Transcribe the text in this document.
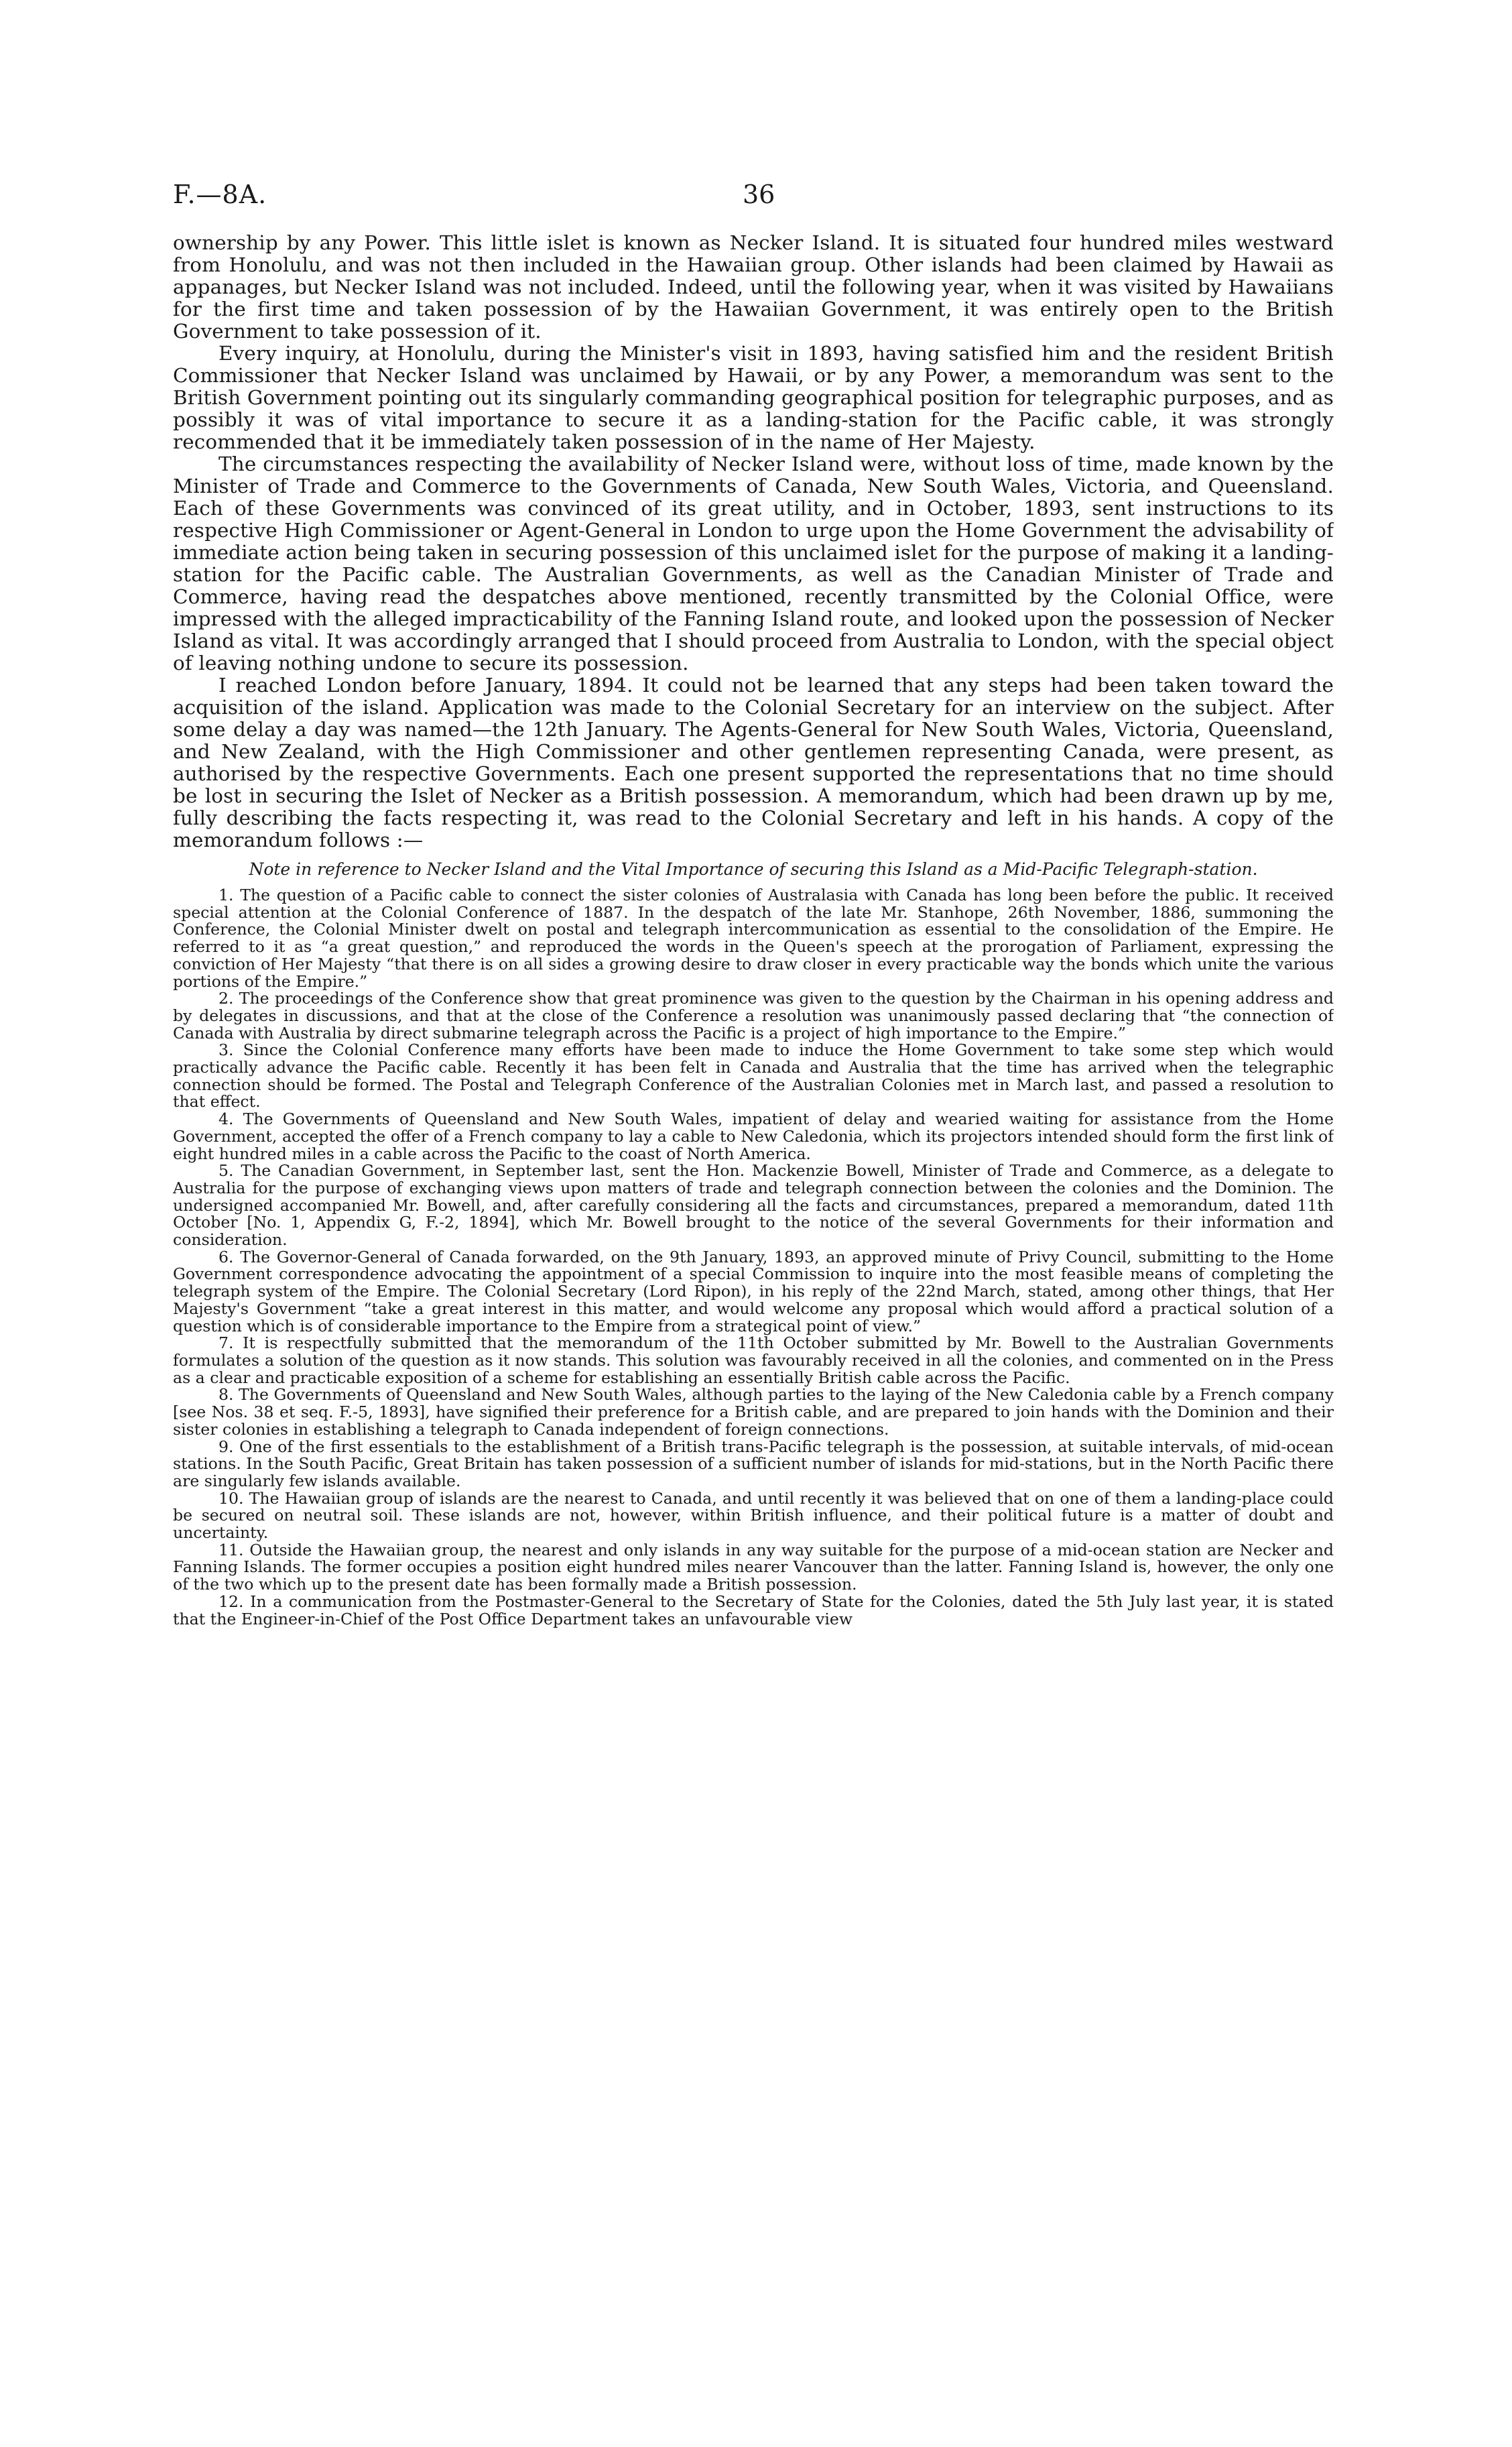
F.—8A.	36

ownership by any Power. This little islet is known as Necker Island. It is situated four hundred miles westward from Honolulu, and was not then included in the Hawaiian group. Other islands had been claimed by Hawaii as appanages, but Necker Island was not included. Indeed, until the following year, when it was visited by Hawaiians for the first time and taken possession of by the Hawaiian Government, it was entirely open to the British Government to take possession of it.

Every inquiry, at Honolulu, during the Minister's visit in 1893, having satisfied him and the resident British Commissioner that Necker Island was unclaimed by Hawaii, or by any Power, a memorandum was sent to the British Government pointing out its singularly commanding geographical position for telegraphic purposes, and as possibly it was of vital importance to secure it as a landing-station for the Pacific cable, it was strongly recommended that it be immediately taken possession of in the name of Her Majesty.

The circumstances respecting the availability of Necker Island were, without loss of time, made known by the Minister of Trade and Commerce to the Governments of Canada, New South Wales, Victoria, and Queensland. Each of these Governments was convinced of its great utility, and in October, 1893, sent instructions to its respective High Commissioner or Agent-General in London to urge upon the Home Government the advisability of immediate action being taken in securing possession of this unclaimed islet for the purpose of making it a landing-station for the Pacific cable. The Australian Governments, as well as the Canadian Minister of Trade and Commerce, having read the despatches above mentioned, recently transmitted by the Colonial Office, were impressed with the alleged impracticability of the Fanning Island route, and looked upon the possession of Necker Island as vital. It was accordingly arranged that I should proceed from Australia to London, with the special object of leaving nothing undone to secure its possession.

I reached London before January, 1894. It could not be learned that any steps had been taken toward the acquisition of the island. Application was made to the Colonial Secretary for an interview on the subject. After some delay a day was named—the 12th January. The Agents-General for New South Wales, Victoria, Queensland, and New Zealand, with the High Commissioner and other gentlemen representing Canada, were present, as authorised by the respective Governments. Each one present supported the representations that no time should be lost in securing the Islet of Necker as a British possession. A memorandum, which had been drawn up by me, fully describing the facts respecting it, was read to the Colonial Secretary and left in his hands. A copy of the memorandum follows :—

Note in reference to Necker Island and the Vital Importance of securing this Island as a Mid-Pacific Telegraph-station.

1. The question of a Pacific cable to connect the sister colonies of Australasia with Canada has long been before the public. It received special attention at the Colonial Conference of 1887. In the despatch of the late Mr. Stanhope, 26th November, 1886, summoning the Conference, the Colonial Minister dwelt on postal and telegraph intercommunication as essential to the consolidation of the Empire. He referred to it as “a great question,” and reproduced the words in the Queen's speech at the prorogation of Parliament, expressing the conviction of Her Majesty “that there is on all sides a growing desire to draw closer in every practicable way the bonds which unite the various portions of the Empire.”

2. The proceedings of the Conference show that great prominence was given to the question by the Chairman in his opening address and by delegates in discussions, and that at the close of the Conference a resolution was unanimously passed declaring that “the connection of Canada with Australia by direct submarine telegraph across the Pacific is a project of high importance to the Empire.”

3. Since the Colonial Conference many efforts have been made to induce the Home Government to take some step which would practically advance the Pacific cable. Recently it has been felt in Canada and Australia that the time has arrived when the telegraphic connection should be formed. The Postal and Telegraph Conference of the Australian Colonies met in March last, and passed a resolution to that effect.

4. The Governments of Queensland and New South Wales, impatient of delay and wearied waiting for assistance from the Home Government, accepted the offer of a French company to lay a cable to New Caledonia, which its projectors intended should form the first link of eight hundred miles in a cable across the Pacific to the coast of North America.

5. The Canadian Government, in September last, sent the Hon. Mackenzie Bowell, Minister of Trade and Commerce, as a delegate to Australia for the purpose of exchanging views upon matters of trade and telegraph connection between the colonies and the Dominion. The undersigned accompanied Mr. Bowell, and, after carefully considering all the facts and circumstances, prepared a memorandum, dated 11th October [No. 1, Appendix G, F.-2, 1894], which Mr. Bowell brought to the notice of the several Governments for their information and consideration.

6. The Governor-General of Canada forwarded, on the 9th January, 1893, an approved minute of Privy Council, submitting to the Home Government correspondence advocating the appointment of a special Commission to inquire into the most feasible means of completing the telegraph system of the Empire. The Colonial Secretary (Lord Ripon), in his reply of the 22nd March, stated, among other things, that Her Majesty's Government “take a great interest in this matter, and would welcome any proposal which would afford a practical solution of a question which is of considerable importance to the Empire from a strategical point of view.”

7. It is respectfully submitted that the memorandum of the 11th October submitted by Mr. Bowell to the Australian Governments formulates a solution of the question as it now stands. This solution was favourably received in all the colonies, and commented on in the Press as a clear and practicable exposition of a scheme for establishing an essentially British cable across the Pacific.

8. The Governments of Queensland and New South Wales, although parties to the laying of the New Caledonia cable by a French company [see Nos. 38 et seq. F.-5, 1893], have signified their preference for a British cable, and are prepared to join hands with the Dominion and their sister colonies in establishing a telegraph to Canada independent of foreign connections.

9. One of the first essentials to the establishment of a British trans-Pacific telegraph is the possession, at suitable intervals, of mid-ocean stations. In the South Pacific, Great Britain has taken possession of a sufficient number of islands for mid-stations, but in the North Pacific there are singularly few islands available.

10. The Hawaiian group of islands are the nearest to Canada, and until recently it was believed that on one of them a landing-place could be secured on neutral soil. These islands are not, however, within British influence, and their political future is a matter of doubt and uncertainty.

11. Outside the Hawaiian group, the nearest and only islands in any way suitable for the purpose of a mid-ocean station are Necker and Fanning Islands. The former occupies a position eight hundred miles nearer Vancouver than the latter. Fanning Island is, however, the only one of the two which up to the present date has been formally made a British possession.

12. In a communication from the Postmaster-General to the Secretary of State for the Colonies, dated the 5th July last year, it is stated that the Engineer-in-Chief of the Post Office Department takes an unfavourable view
